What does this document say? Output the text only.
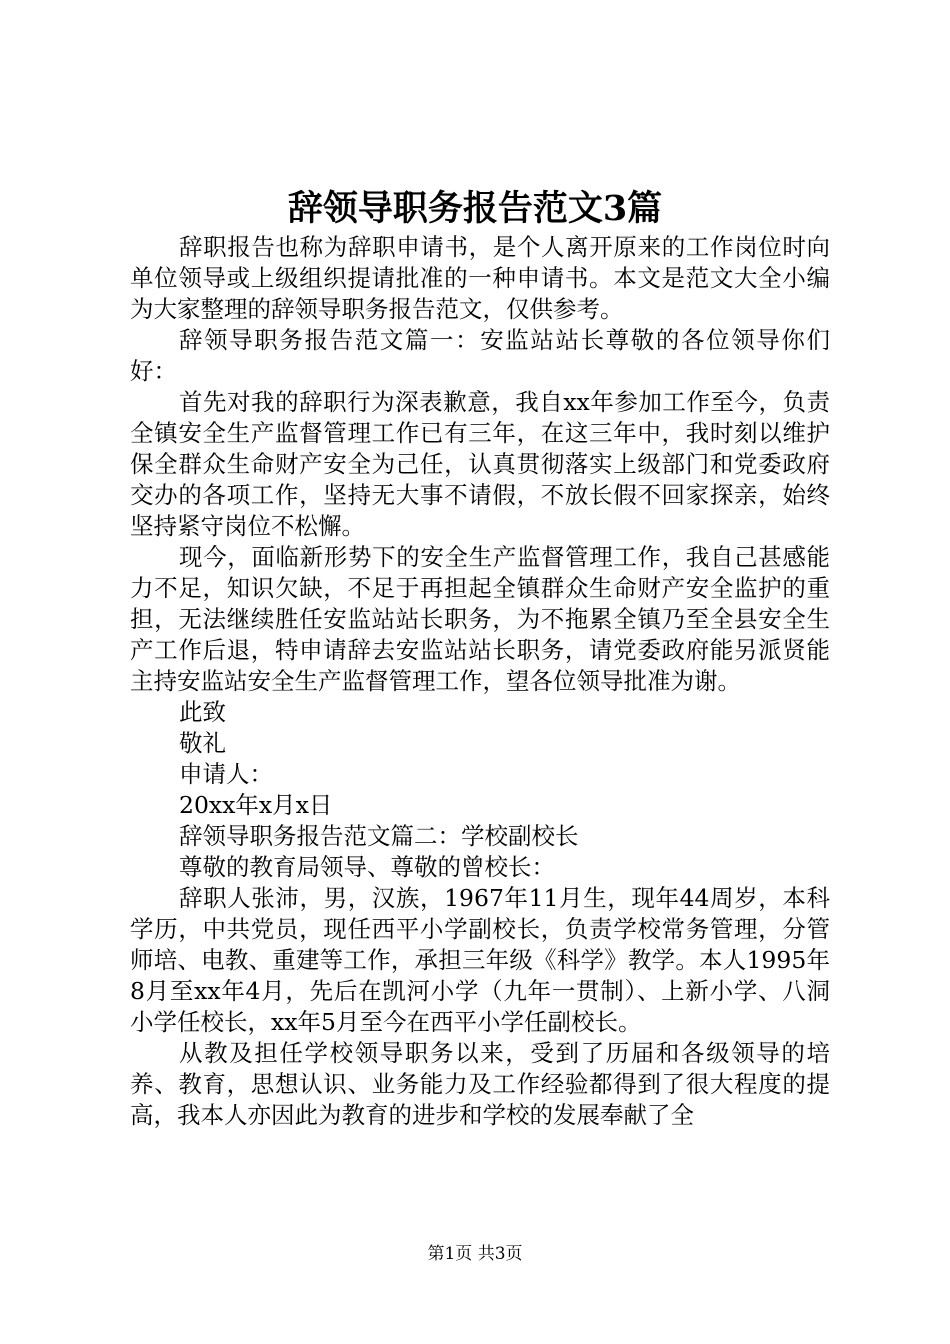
辞领导职务报告范文3篇

辞职报告也称为辞职申请书，是个人离开原来的工作岗位时向单位领导或上级组织提请批准的一种申请书。本文是范文大全小编为大家整理的辞领导职务报告范文，仅供参考。

辞领导职务报告范文篇一：安监站站长尊敬的各位领导你们好：

首先对我的辞职行为深表歉意，我自xx年参加工作至今，负责全镇安全生产监督管理工作已有三年，在这三年中，我时刻以维护保全群众生命财产安全为己任，认真贯彻落实上级部门和党委政府交办的各项工作，坚持无大事不请假，不放长假不回家探亲，始终坚持紧守岗位不松懈。

现今，面临新形势下的安全生产监督管理工作，我自己甚感能力不足，知识欠缺，不足于再担起全镇群众生命财产安全监护的重担，无法继续胜任安监站站长职务，为不拖累全镇乃至全县安全生产工作后退，特申请辞去安监站站长职务，请党委政府能另派贤能主持安监站安全生产监督管理工作，望各位领导批准为谢。

此致

敬礼

申请人：

20xx年x月x日

辞领导职务报告范文篇二：学校副校长

尊敬的教育局领导、尊敬的曾校长：

辞职人张沛，男，汉族，1967年11月生，现年44周岁，本科学历，中共党员，现任西平小学副校长，负责学校常务管理，分管师培、电教、重建等工作，承担三年级《科学》教学。本人1995年8月至xx年4月，先后在凯河小学（九年一贯制）、上新小学、八洞小学任校长，xx年5月至今在西平小学任副校长。

从教及担任学校领导职务以来，受到了历届和各级领导的培养、教育，思想认识、业务能力及工作经验都得到了很大程度的提高，我本人亦因此为教育的进步和学校的发展奉献了全

第1页 共3页
